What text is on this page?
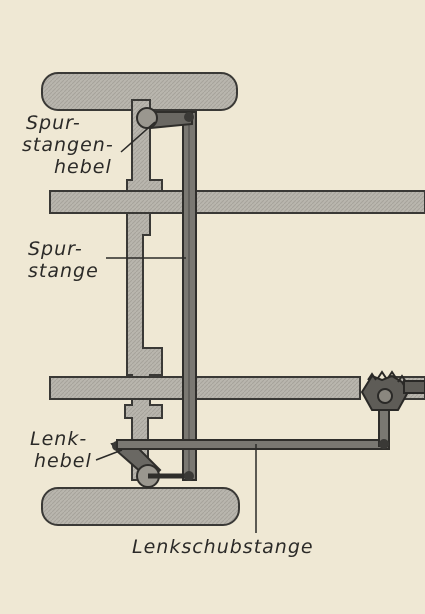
Spur-
stangen-
hebel
Spur-
stange
Lenk-
hebel
Lenkschubstange
